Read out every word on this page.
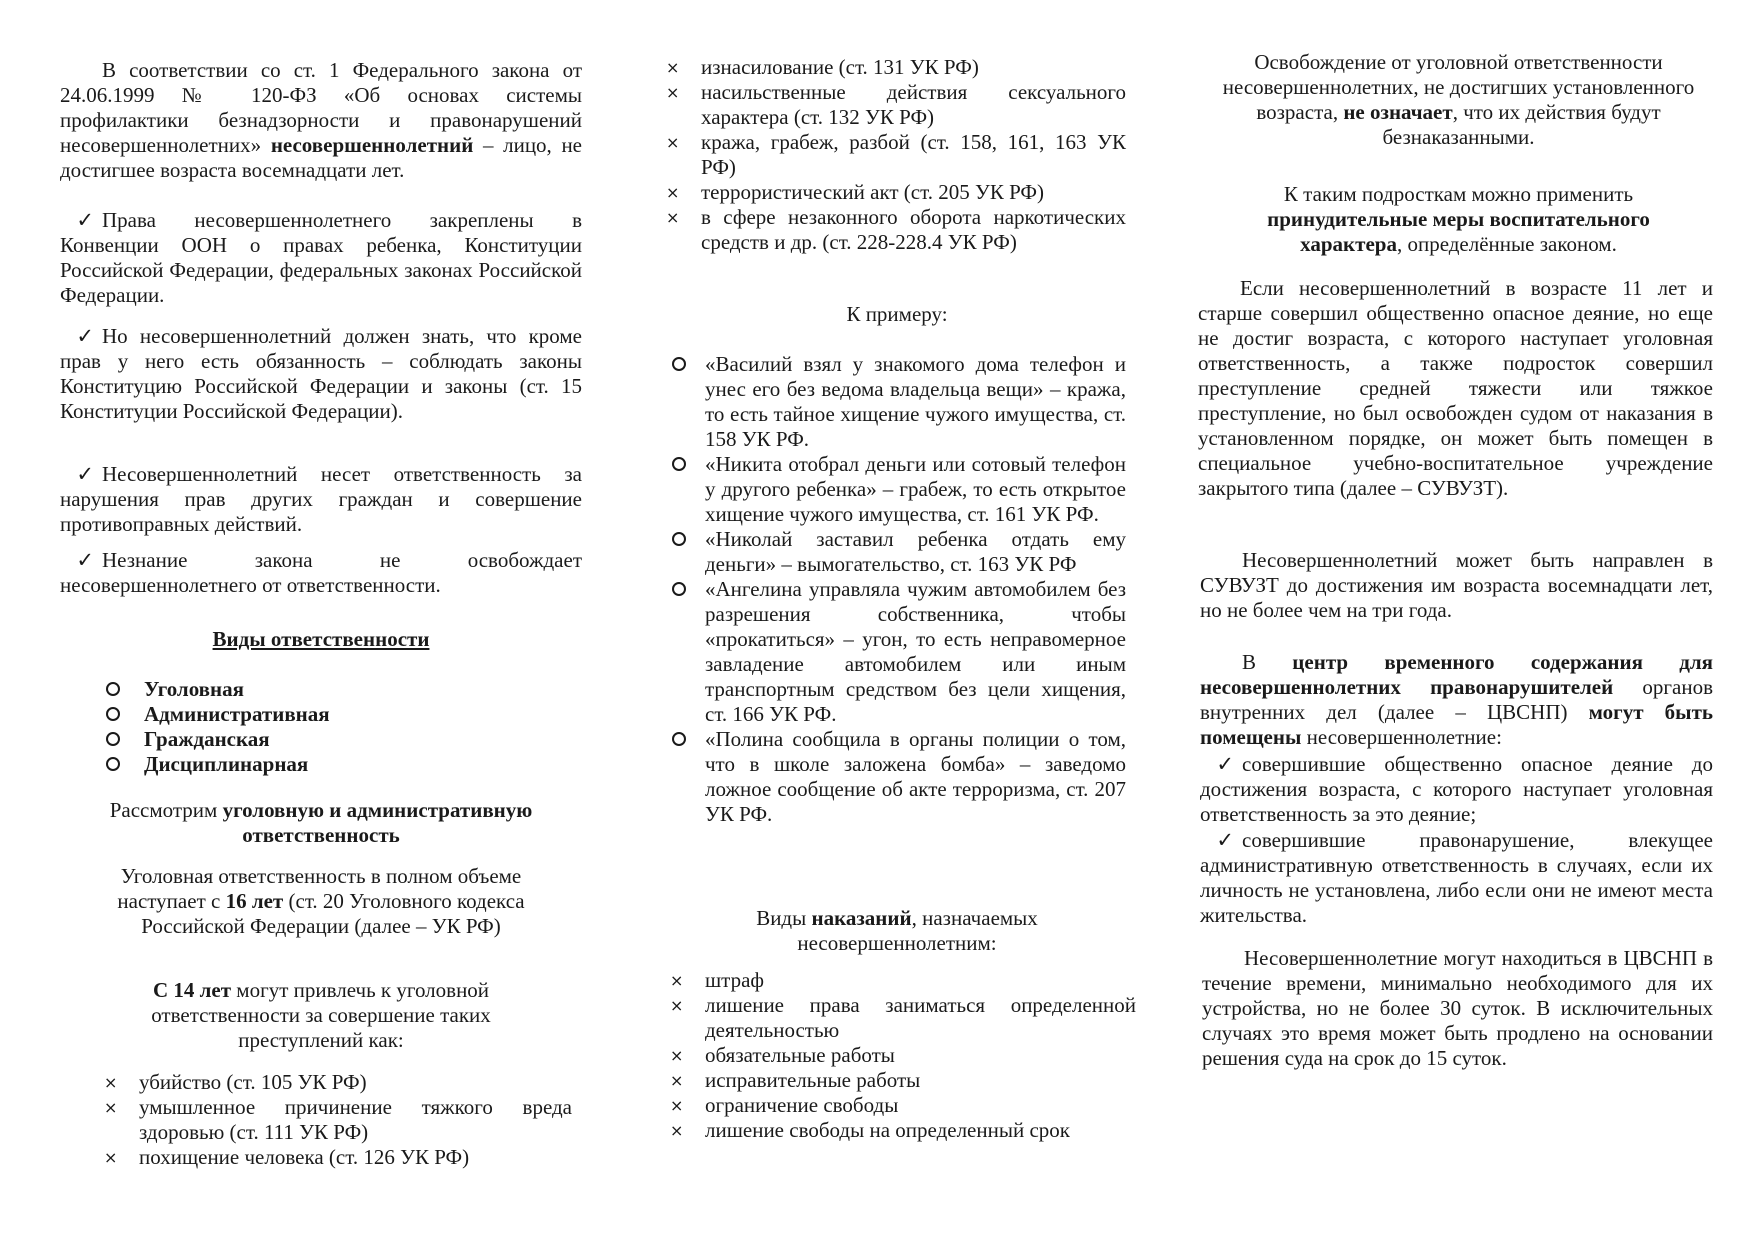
В соответствии со ст. 1 Федерального закона от 24.06.1999 № 120-ФЗ «Об основах системы профилактики безнадзорности и правонарушений несовершеннолетних» несовершеннолетний – лицо, не достигшее возраста восемнадцати лет.

✓ Права несовершеннолетнего закреплены в Конвенции ООН о правах ребенка, Конституции Российской Федерации, федеральных законах Российской Федерации.

✓ Но несовершеннолетний должен знать, что кроме прав у него есть обязанность – соблюдать законы Конституцию Российской Федерации и законы (ст. 15 Конституции Российской Федерации).

✓ Несовершеннолетний несет ответственность за нарушения прав других граждан и совершение противоправных действий.

✓ Незнание закона не освобождает несовершеннолетнего от ответственности.

Виды ответственности

Уголовная
Административная
Гражданская
Дисциплинарная

Рассмотрим уголовную и административную ответственность

Уголовная ответственность в полном объеме наступает с 16 лет (ст. 20 Уголовного кодекса Российской Федерации (далее – УК РФ)

С 14 лет могут привлечь к уголовной ответственности за совершение таких преступлений как:

× убийство (ст. 105 УК РФ)
× умышленное причинение тяжкого вреда здоровью (ст. 111 УК РФ)
× похищение человека (ст. 126 УК РФ)
× изнасилование (ст. 131 УК РФ)
× насильственные действия сексуального характера (ст. 132 УК РФ)
× кража, грабеж, разбой (ст. 158, 161, 163 УК РФ)
× террористический акт (ст. 205 УК РФ)
× в сфере незаконного оборота наркотических средств и др. (ст. 228-228.4 УК РФ)

К примеру:

«Василий взял у знакомого дома телефон и унес его без ведома владельца вещи» – кража, то есть тайное хищение чужого имущества, ст. 158 УК РФ.
«Никита отобрал деньги или сотовый телефон у другого ребенка» – грабеж, то есть открытое хищение чужого имущества, ст. 161 УК РФ.
«Николай заставил ребенка отдать ему деньги» – вымогательство, ст. 163 УК РФ
«Ангелина управляла чужим автомобилем без разрешения собственника, чтобы «прокатиться» – угон, то есть неправомерное завладение автомобилем или иным транспортным средством без цели хищения, ст. 166 УК РФ.
«Полина сообщила в органы полиции о том, что в школе заложена бомба» – заведомо ложное сообщение об акте терроризма, ст. 207 УК РФ.

Виды наказаний, назначаемых несовершеннолетним:

× штраф
× лишение права заниматься определенной деятельностью
× обязательные работы
× исправительные работы
× ограничение свободы
× лишение свободы на определенный срок

Освобождение от уголовной ответственности несовершеннолетних, не достигших установленного возраста, не означает, что их действия будут безнаказанными.

К таким подросткам можно применить принудительные меры воспитательного характера, определённые законом.

Если несовершеннолетний в возрасте 11 лет и старше совершил общественно опасное деяние, но еще не достиг возраста, с которого наступает уголовная ответственность, а также подросток совершил преступление средней тяжести или тяжкое преступление, но был освобожден судом от наказания в установленном порядке, он может быть помещен в специальное учебно-воспитательное учреждение закрытого типа (далее – СУВУЗТ).

Несовершеннолетний может быть направлен в СУВУЗТ до достижения им возраста восемнадцати лет, но не более чем на три года.

В центр временного содержания для несовершеннолетних правонарушителей органов внутренних дел (далее – ЦВСНП) могут быть помещены несовершеннолетние:

✓ совершившие общественно опасное деяние до достижения возраста, с которого наступает уголовная ответственность за это деяние;

✓ совершившие правонарушение, влекущее административную ответственность в случаях, если их личность не установлена, либо если они не имеют места жительства.

Несовершеннолетние могут находиться в ЦВСНП в течение времени, минимально необходимого для их устройства, но не более 30 суток. В исключительных случаях это время может быть продлено на основании решения суда на срок до 15 суток.
